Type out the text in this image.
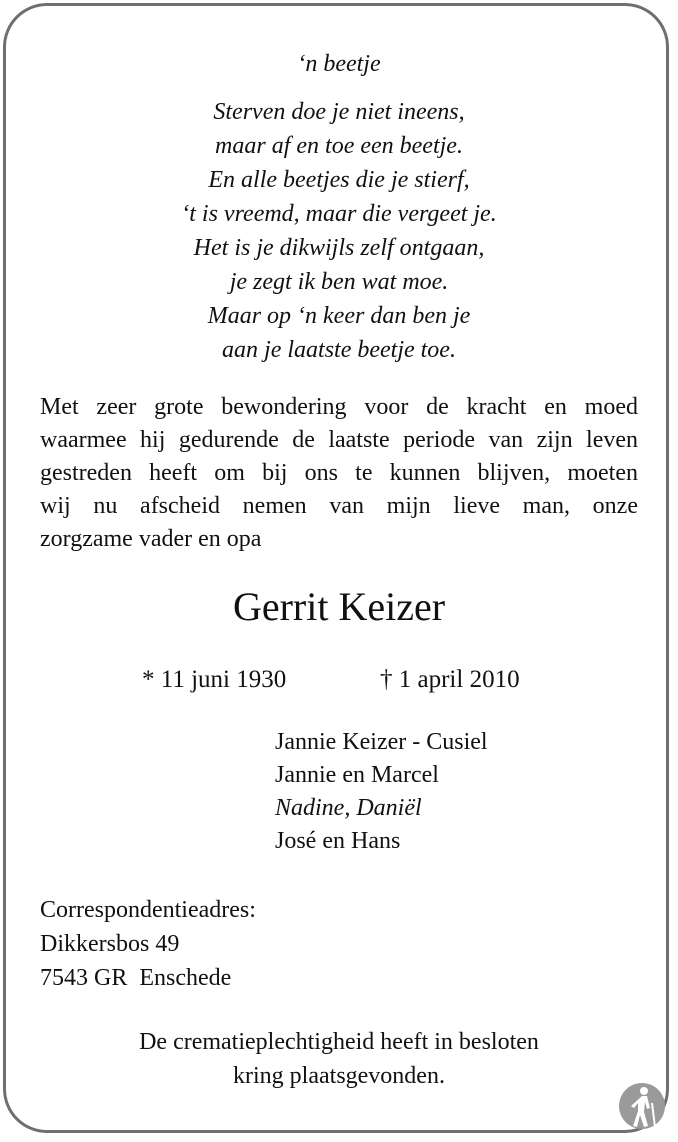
‘n beetje
Sterven doe je niet ineens,
maar af en toe een beetje.
En alle beetjes die je stierf,
‘t is vreemd, maar die vergeet je.
Het is je dikwijls zelf ontgaan,
je zegt ik ben wat moe.
Maar op ‘n keer dan ben je
aan je laatste beetje toe.
Met zeer grote bewondering voor de kracht en moed
waarmee hij gedurende de laatste periode van zijn leven
gestreden heeft om bij ons te kunnen blijven, moeten
wij nu afscheid nemen van mijn lieve man, onze
zorgzame vader en opa
Gerrit Keizer
* 11 juni 1930	† 1 april 2010
Jannie Keizer - Cusiel
Jannie en Marcel
Nadine, Daniël
José en Hans
Correspondentieadres:
Dikkersbos 49
7543 GR  Enschede
De crematieplechtigheid heeft in besloten
kring plaatsgevonden.
